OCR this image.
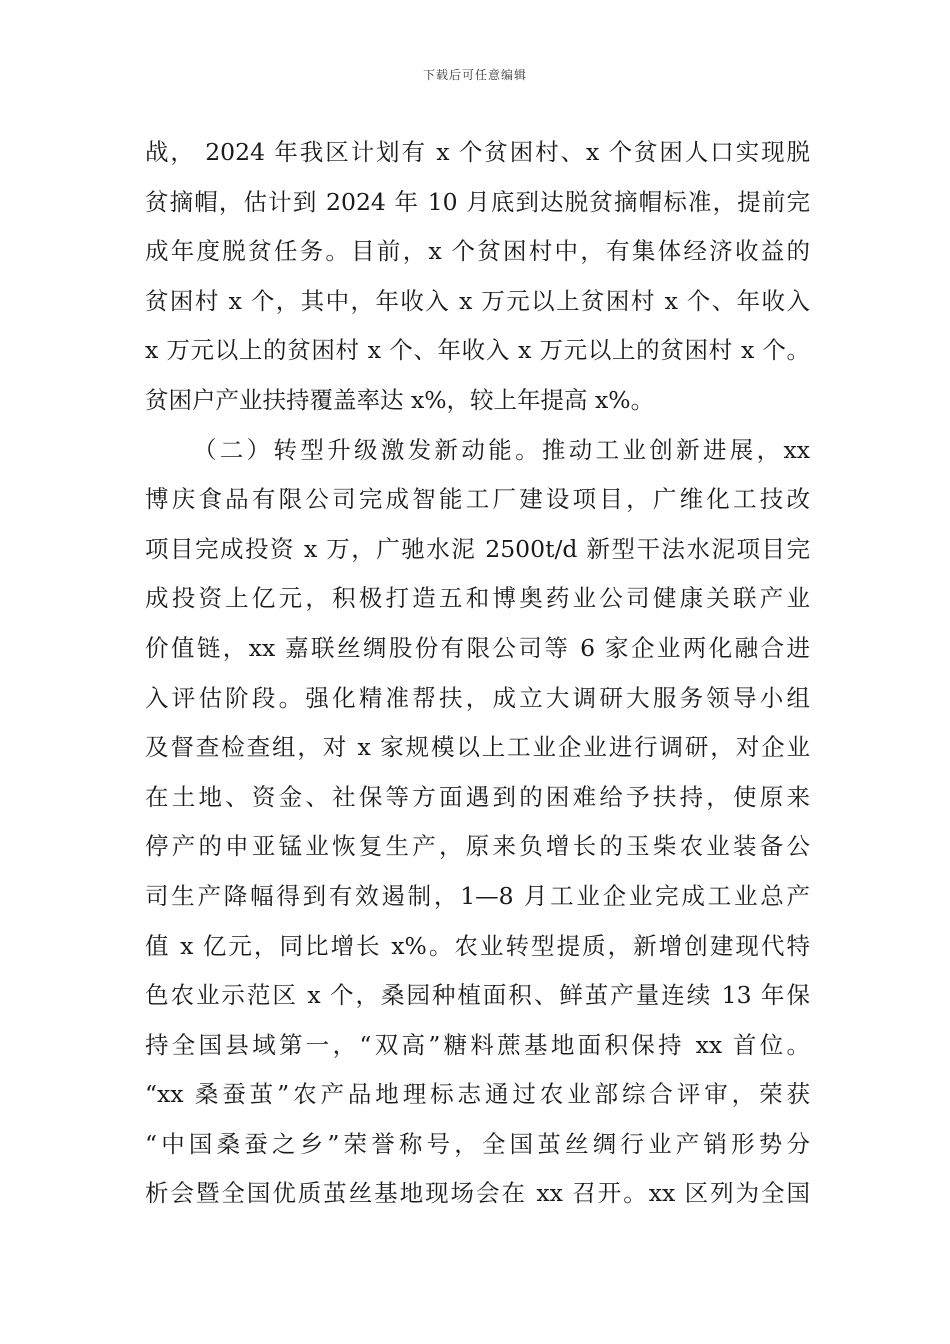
下载后可任意编辑
战， 2024 年我区计划有 x 个贫困村、x 个贫困人口实现脱
贫摘帽，估计到 2024 年 10 月底到达脱贫摘帽标准，提前完
成年度脱贫任务。目前，x 个贫困村中，有集体经济收益的
贫困村 x 个，其中，年收入 x 万元以上贫困村 x 个、年收入
x 万元以上的贫困村 x 个、年收入 x 万元以上的贫困村 x 个。
贫困户产业扶持覆盖率达 x%，较上年提高 x%。
（二）转型升级激发新动能。推动工业创新进展，xx
博庆食品有限公司完成智能工厂建设项目，广维化工技改
项目完成投资 x 万，广驰水泥 2500t/d 新型干法水泥项目完
成投资上亿元，积极打造五和博奥药业公司健康关联产业
价值链，xx 嘉联丝绸股份有限公司等 6 家企业两化融合进
入评估阶段。强化精准帮扶，成立大调研大服务领导小组
及督查检查组，对 x 家规模以上工业企业进行调研，对企业
在土地、资金、社保等方面遇到的困难给予扶持，使原来
停产的申亚锰业恢复生产，原来负增长的玉柴农业装备公
司生产降幅得到有效遏制，1—8 月工业企业完成工业总产
值 x 亿元，同比增长 x%。农业转型提质，新增创建现代特
色农业示范区 x 个，桑园种植面积、鲜茧产量连续 13 年保
持全国县域第一，“双高”糖料蔗基地面积保持 xx 首位。
“xx 桑蚕茧”农产品地理标志通过农业部综合评审，荣获
“中国桑蚕之乡”荣誉称号，全国茧丝绸行业产销形势分
析会暨全国优质茧丝基地现场会在 xx 召开。xx 区列为全国
